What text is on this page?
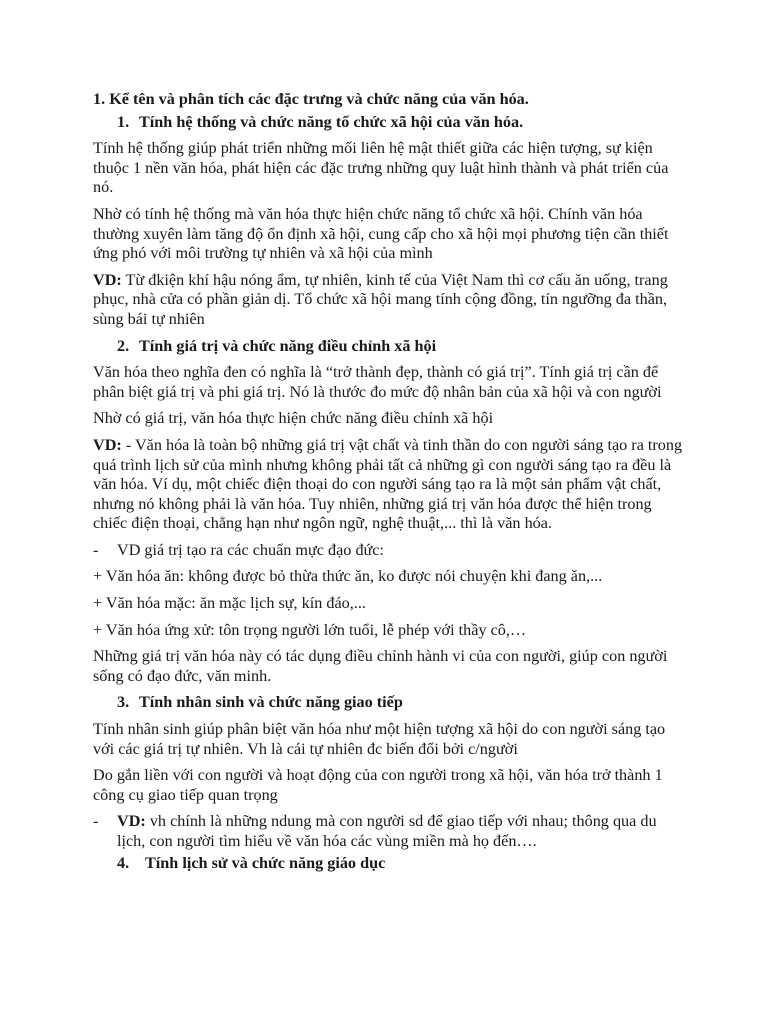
1. Kể tên và phân tích các đặc trưng và chức năng của văn hóa.

1. Tính hệ thống và chức năng tổ chức xã hội của văn hóa.

Tính hệ thống giúp phát triển những mối liên hệ mật thiết giữa các hiện tượng, sự kiện thuộc 1 nền văn hóa, phát hiện các đặc trưng những quy luật hình thành và phát triển của nó.

Nhờ có tính hệ thống mà văn hóa thực hiện chức năng tổ chức xã hội. Chính văn hóa thường xuyên làm tăng độ ổn định xã hội, cung cấp cho xã hội mọi phương tiện cần thiết ứng phó với môi trường tự nhiên và xã hội của mình

VD: Từ đkiện khí hậu nóng ẩm, tự nhiên, kinh tế của Việt Nam thì cơ cấu ăn uống, trang phục, nhà cửa có phần giản dị. Tổ chức xã hội mang tính cộng đồng, tín ngưỡng đa thần, sùng bái tự nhiên

2. Tính giá trị và chức năng điều chỉnh xã hội

Văn hóa theo nghĩa đen có nghĩa là “trở thành đẹp, thành có giá trị”. Tính giá trị cần để phân biệt giá trị và phi giá trị. Nó là thước đo mức độ nhân bản của xã hội và con người

Nhờ có giá trị, văn hóa thực hiện chức năng điều chỉnh xã hội

VD: - Văn hóa là toàn bộ những giá trị vật chất và tinh thần do con người sáng tạo ra trong quá trình lịch sử của mình nhưng không phải tất cả những gì con người sáng tạo ra đều là văn hóa. Ví dụ, một chiếc điện thoại do con người sáng tạo ra là một sản phẩm vật chất, nhưng nó không phải là văn hóa. Tuy nhiên, những giá trị văn hóa được thể hiện trong chiếc điện thoại, chẳng hạn như ngôn ngữ, nghệ thuật,... thì là văn hóa.

- VD giá trị tạo ra các chuẩn mực đạo đức:

+ Văn hóa ăn: không được bỏ thừa thức ăn, ko được nói chuyện khi đang ăn,...

+ Văn hóa mặc: ăn mặc lịch sự, kín đáo,...

+ Văn hóa ứng xử: tôn trọng người lớn tuổi, lễ phép với thầy cô,…

Những giá trị văn hóa này có tác dụng điều chỉnh hành vi của con người, giúp con người sống có đạo đức, văn minh.

3. Tính nhân sinh và chức năng giao tiếp

Tính nhân sinh giúp phân biệt văn hóa như một hiện tượng xã hội do con người sáng tạo với các giá trị tự nhiên. Vh là cái tự nhiên đc biến đổi bởi c/người

Do gắn liền với con người và hoạt động của con người trong xã hội, văn hóa trở thành 1 công cụ giao tiếp quan trọng

- VD: vh chính là những ndung mà con người sd để giao tiếp với nhau; thông qua du lịch, con người tìm hiểu về văn hóa các vùng miền mà họ đến….

4. Tính lịch sử và chức năng giáo dục
